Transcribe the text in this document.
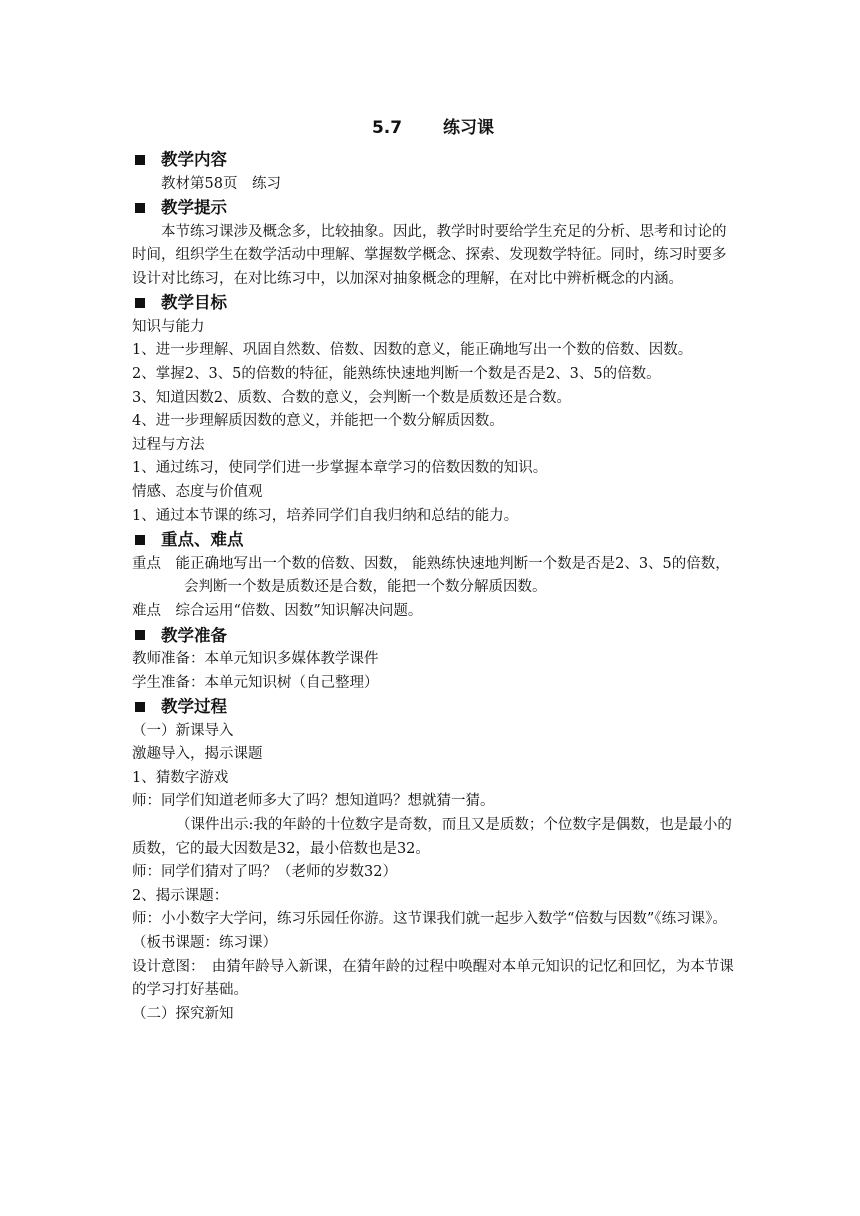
5.7　 练习课
教学内容
教材第58页　练习
教学提示
本节练习课涉及概念多，比较抽象。因此，教学时时要给学生充足的分析、思考和讨论的时间，组织学生在数学活动中理解、掌握数学概念、探索、发现数学特征。同时，练习时要多设计对比练习，在对比练习中，以加深对抽象概念的理解，在对比中辨析概念的内涵。
教学目标
知识与能力
1、进一步理解、巩固自然数、倍数、因数的意义，能正确地写出一个数的倍数、因数。
2、掌握2、3、5的倍数的特征，能熟练快速地判断一个数是否是2、3、5的倍数。
3、知道因数2、质数、合数的意义，会判断一个数是质数还是合数。
4、进一步理解质因数的意义，并能把一个数分解质因数。
过程与方法
1、通过练习，使同学们进一步掌握本章学习的倍数因数的知识。
情感、态度与价值观
1、通过本节课的练习，培养同学们自我归纳和总结的能力。
重点、难点
重点　能正确地写出一个数的倍数、因数， 能熟练快速地判断一个数是否是2、3、5的倍数，会判断一个数是质数还是合数，能把一个数分解质因数。
难点　综合运用“倍数、因数”知识解决问题。
教学准备
教师准备：本单元知识多媒体教学课件
学生准备：本单元知识树（自己整理）
教学过程
（一）新课导入
激趣导入，揭示课题
1、猜数字游戏
师：同学们知道老师多大了吗？想知道吗？想就猜一猜。
（课件出示:我的年龄的十位数字是奇数，而且又是质数；个位数字是偶数，也是最小的质数，它的最大因数是32，最小倍数也是32。
师：同学们猜对了吗？（老师的岁数32）
2、揭示课题：
师：小小数字大学问，练习乐园任你游。这节课我们就一起步入数学“倍数与因数”《练习课》。
（板书课题：练习课）
设计意图：　由猜年龄导入新课，在猜年龄的过程中唤醒对本单元知识的记忆和回忆，为本节课的学习打好基础。
（二）探究新知
